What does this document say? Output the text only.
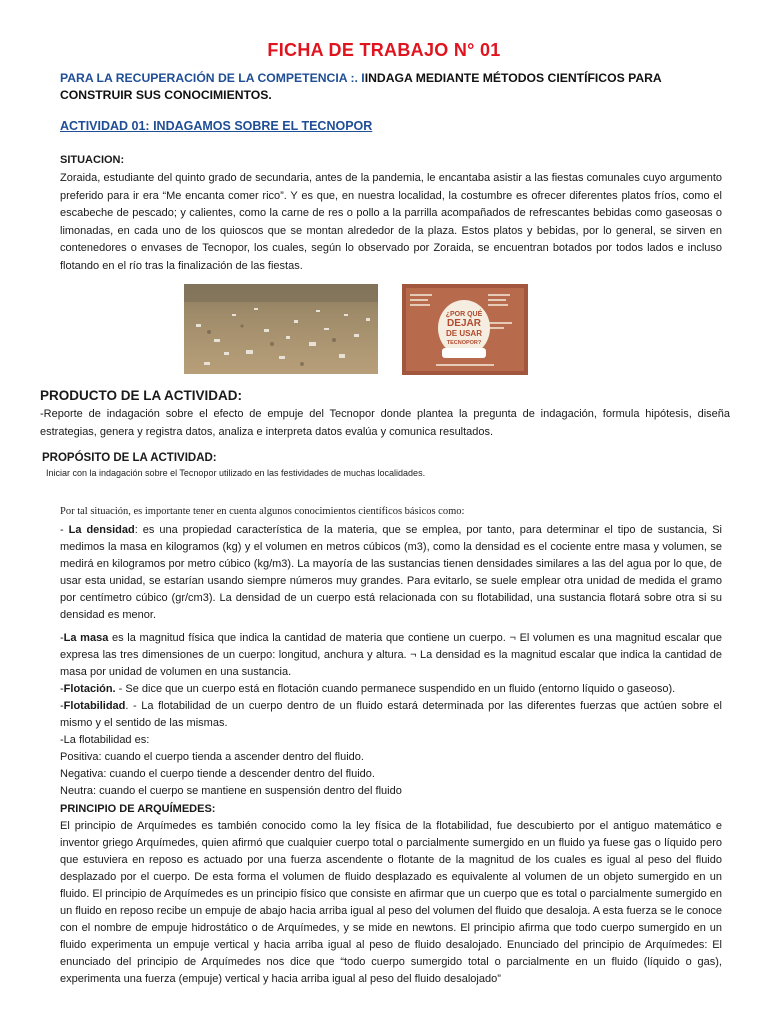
FICHA DE TRABAJO N° 01
PARA LA RECUPERACIÓN DE LA COMPETENCIA :. IINDAGA MEDIANTE MÉTODOS CIENTÍFICOS PARA CONSTRUIR SUS CONOCIMIENTOS.
ACTIVIDAD 01: INDAGAMOS SOBRE EL TECNOPOR
SITUACION:
Zoraida, estudiante del quinto grado de secundaria, antes de la pandemia, le encantaba asistir a las fiestas comunales cuyo argumento preferido para ir era “Me encanta comer rico”. Y es que, en nuestra localidad, la costumbre es ofrecer diferentes platos fríos, como el escabeche de pescado; y calientes, como la carne de res o pollo a la parrilla acompañados de refrescantes bebidas como gaseosas o limonadas, en cada uno de los quioscos que se montan alrededor de la plaza. Estos platos y bebidas, por lo general, se sirven en contenedores o envases de Tecnopor, los cuales, según lo observado por Zoraida, se encuentran botados por todos lados e incluso flotando en el río tras la finalización de las fiestas.
¿POR QUÉ
DEJAR
DE USAR
TECNOPOR?
PRODUCTO DE LA ACTIVIDAD:
-Reporte de indagación sobre el efecto de empuje del Tecnopor donde plantea la pregunta de indagación, formula hipótesis, diseña estrategias, genera y registra datos, analiza e interpreta datos evalúa y comunica resultados.
PROPÓSITO DE LA ACTIVIDAD:
Iniciar con la indagación sobre el Tecnopor utilizado en las festividades de muchas localidades.
Por tal situación, es importante tener en cuenta algunos conocimientos científicos básicos como:

- La densidad: es una propiedad característica de la materia, que se emplea, por tanto, para determinar el tipo de sustancia, Si medimos la masa en kilogramos (kg) y el volumen en metros cúbicos (m3), como la densidad es el cociente entre masa y volumen, se medirá en kilogramos por metro cúbico (kg/m3). La mayoría de las sustancias tienen densidades similares a las del agua por lo que, de usar esta unidad, se estarían usando siempre números muy grandes. Para evitarlo, se suele emplear otra unidad de medida el gramo por centímetro cúbico (gr/cm3). La densidad de un cuerpo está relacionada con su flotabilidad, una sustancia flotará sobre otra si su densidad es menor.

-La masa es la magnitud física que indica la cantidad de materia que contiene un cuerpo. ¬ El volumen es una magnitud escalar que expresa las tres dimensiones de un cuerpo: longitud, anchura y altura. ¬ La densidad es la magnitud escalar que indica la cantidad de masa por unidad de volumen en una sustancia.

-Flotación. - Se dice que un cuerpo está en flotación cuando permanece suspendido en un fluido (entorno líquido o gaseoso).

-Flotabilidad. - La flotabilidad de un cuerpo dentro de un fluido estará determinada por las diferentes fuerzas que actúen sobre el mismo y el sentido de las mismas.

-La flotabilidad es:

Positiva: cuando el cuerpo tienda a ascender dentro del fluido.

Negativa: cuando el cuerpo tiende a descender dentro del fluido.

Neutra: cuando el cuerpo se mantiene en suspensión dentro del fluido

PRINCIPIO DE ARQUÍMEDES:

El principio de Arquímedes es también conocido como la ley física de la flotabilidad, fue descubierto por el antiguo matemático e inventor griego Arquímedes, quien afirmó que cualquier cuerpo total o parcialmente sumergido en un fluido ya fuese gas o líquido pero que estuviera en reposo es actuado por una fuerza ascendente o flotante de la magnitud de los cuales es igual al peso del fluido desplazado por el cuerpo. De esta forma el volumen de fluido desplazado es equivalente al volumen de un objeto sumergido en un fluido. El principio de Arquímedes es un principio físico que consiste en afirmar que un cuerpo que es total o parcialmente sumergido en un fluido en reposo recibe un empuje de abajo hacia arriba igual al peso del volumen del fluido que desaloja. A esta fuerza se le conoce con el nombre de empuje hidrostático o de Arquímedes, y se mide en newtons. El principio afirma que todo cuerpo sumergido en un fluido experimenta un empuje vertical y hacia arriba igual al peso de fluido desalojado. Enunciado del principio de Arquímedes: El enunciado del principio de Arquímedes nos dice que “todo cuerpo sumergido total o parcialmente en un fluido (líquido o gas), experimenta una fuerza (empuje) vertical y hacia arriba igual al peso del fluido desalojado”
